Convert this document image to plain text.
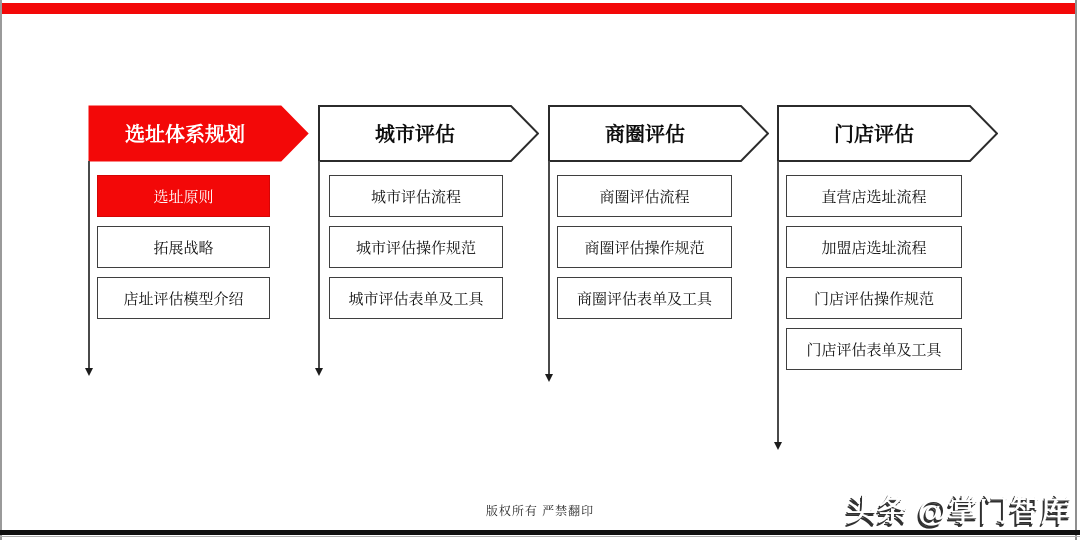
选址体系规划
选址原则
拓展战略
店址评估模型介绍
城市评估
城市评估流程
城市评估操作规范
城市评估表单及工具
商圈评估
商圈评估流程
商圈评估操作规范
商圈评估表单及工具
门店评估
直营店选址流程
加盟店选址流程
门店评估操作规范
门店评估表单及工具
版权所有 严禁翻印	头条 @掌门智库
